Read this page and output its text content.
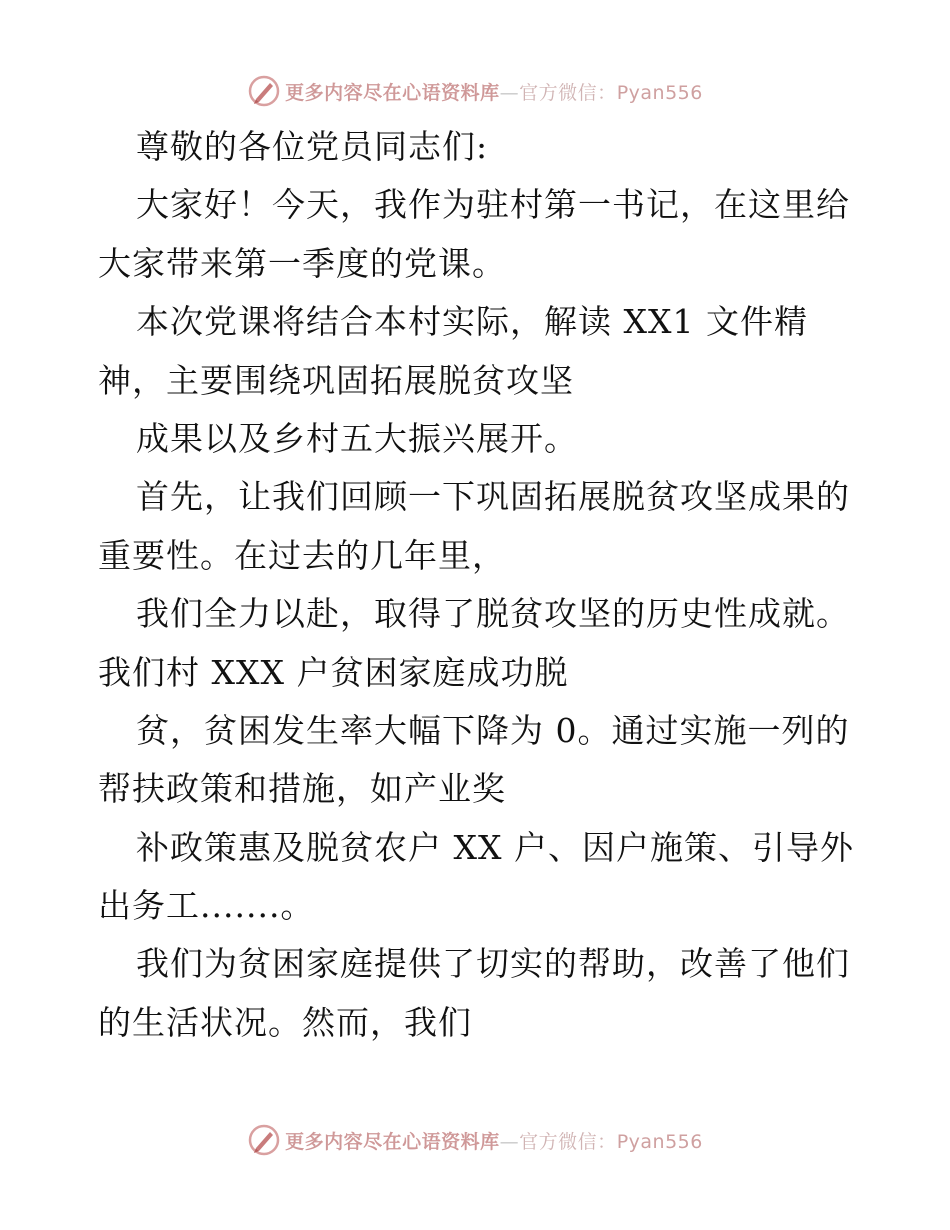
更多内容尽在心语资料库—官方微信：Pyan556
尊敬的各位党员同志们:
大家好！今天，我作为驻村第一书记，在这里给
大家带来第一季度的党课。
本次党课将结合本村实际，解读 XX1 文件精
神，主要围绕巩固拓展脱贫攻坚
成果以及乡村五大振兴展开。
首先，让我们回顾一下巩固拓展脱贫攻坚成果的
重要性。在过去的几年里，
我们全力以赴，取得了脱贫攻坚的历史性成就。
我们村 XXX 户贫困家庭成功脱
贫，贫困发生率大幅下降为 0。通过实施一列的
帮扶政策和措施，如产业奖
补政策惠及脱贫农户 XX 户、因户施策、引导外
出务工.......。
我们为贫困家庭提供了切实的帮助，改善了他们
的生活状况。然而，我们
更多内容尽在心语资料库—官方微信：Pyan556
